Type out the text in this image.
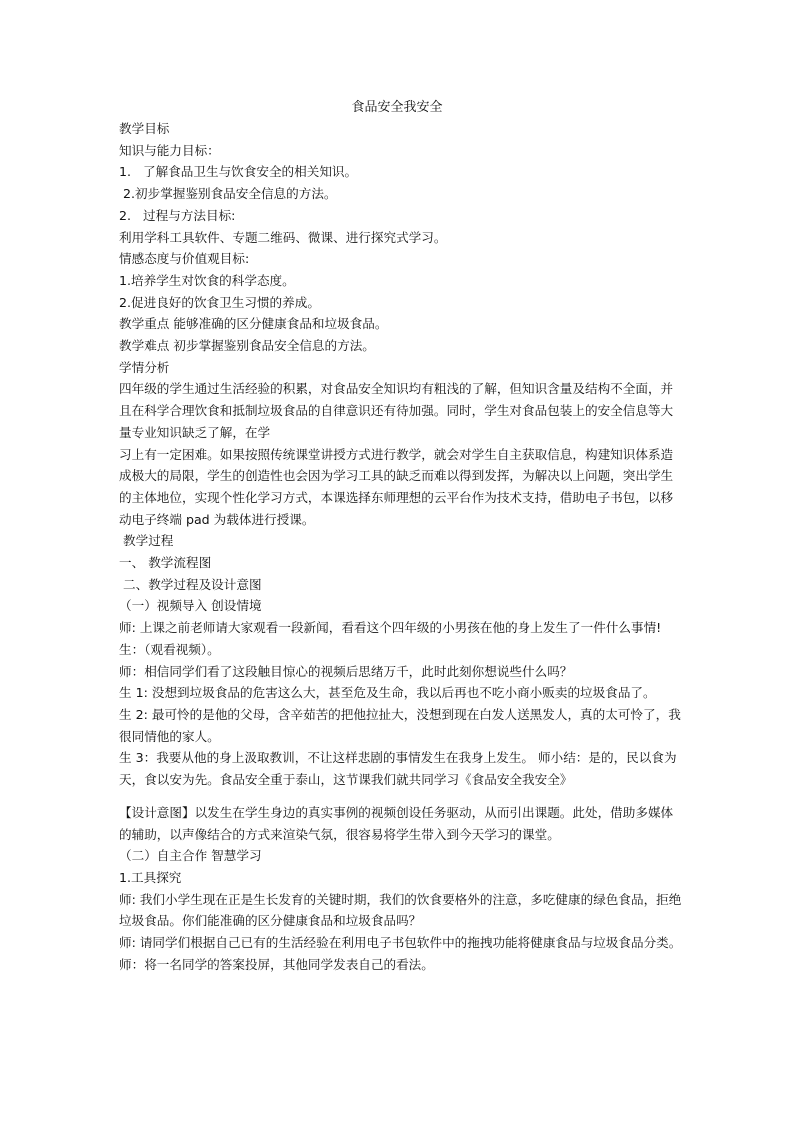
食品安全我安全

教学目标

知识与能力目标：

1.   了解食品卫生与饮食安全的相关知识。

2.初步掌握鉴别食品安全信息的方法。

2.   过程与方法目标:

利用学科工具软件、专题二维码、微课、进行探究式学习。

情感态度与价值观目标:

1.培养学生对饮食的科学态度。

2.促进良好的饮食卫生习惯的养成。

教学重点 能够准确的区分健康食品和垃圾食品。

教学难点 初步掌握鉴别食品安全信息的方法。

学情分析

四年级的学生通过生活经验的积累，对食品安全知识均有粗浅的了解，但知识含量及结构不全面，并且在科学合理饮食和抵制垃圾食品的自律意识还有待加强。同时，学生对食品包装上的安全信息等大量专业知识缺乏了解，在学

习上有一定困难。如果按照传统课堂讲授方式进行教学，就会对学生自主获取信息，构建知识体系造成极大的局限，学生的创造性也会因为学习工具的缺乏而难以得到发挥，为解决以上问题，突出学生的主体地位，实现个性化学习方式，本课选择东师理想的云平台作为技术支持，借助电子书包，以移动电子终端 pad 为载体进行授课。

教学过程

一、 教学流程图

二、教学过程及设计意图

（一）视频导入 创设情境

师: 上课之前老师请大家观看一段新闻，看看这个四年级的小男孩在他的身上发生了一件什么事情!

生：（观看视频）。

师：相信同学们看了这段触目惊心的视频后思绪万千，此时此刻你想说些什么吗？

生 1: 没想到垃圾食品的危害这么大，甚至危及生命，我以后再也不吃小商小贩卖的垃圾食品了。

生 2: 最可怜的是他的父母，含辛茹苦的把他拉扯大，没想到现在白发人送黑发人，真的太可怜了，我很同情他的家人。

生 3：我要从他的身上汲取教训，不让这样悲剧的事情发生在我身上发生。 师小结：是的，民以食为天，食以安为先。食品安全重于泰山，这节课我们就共同学习《食品安全我安全》

【设计意图】以发生在学生身边的真实事例的视频创设任务驱动，从而引出课题。此处，借助多媒体的辅助，以声像结合的方式来渲染气氛，很容易将学生带入到今天学习的课堂。

（二）自主合作 智慧学习

1.工具探究

师: 我们小学生现在正是生长发育的关键时期，我们的饮食要格外的注意，多吃健康的绿色食品，拒绝垃圾食品。你们能准确的区分健康食品和垃圾食品吗？

师: 请同学们根据自己已有的生活经验在利用电子书包软件中的拖拽功能将健康食品与垃圾食品分类。

师：将一名同学的答案投屏，其他同学发表自己的看法。
